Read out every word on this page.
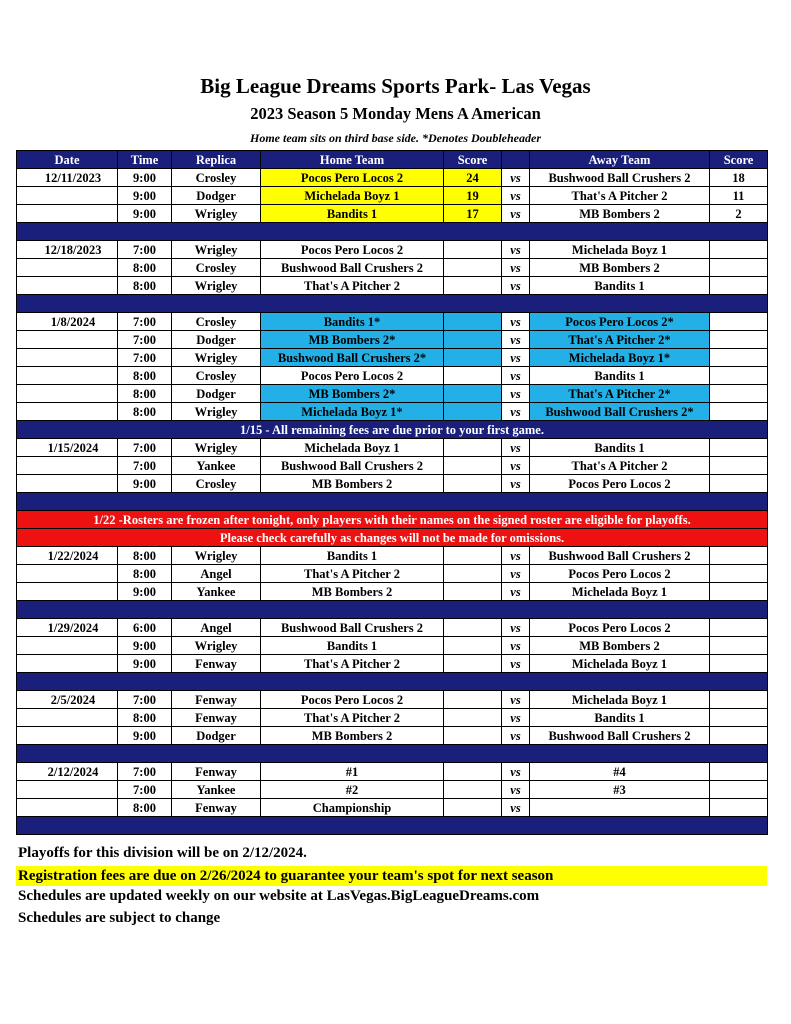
Big League Dreams Sports Park- Las Vegas
2023 Season 5 Monday Mens A American
Home team sits on third base side. *Denotes Doubleheader
Date	Time	Replica	Home Team	Score		Away Team	Score
12/11/2023	9:00	Crosley	Pocos Pero Locos 2	24	vs	Bushwood Ball Crushers 2	18
	9:00	Dodger	Michelada Boyz 1	19	vs	That's A Pitcher 2	11
	9:00	Wrigley	Bandits 1	17	vs	MB Bombers 2	2

12/18/2023	7:00	Wrigley	Pocos Pero Locos 2		vs	Michelada Boyz 1	
	8:00	Crosley	Bushwood Ball Crushers 2		vs	MB Bombers 2	
	8:00	Wrigley	That's A Pitcher 2		vs	Bandits 1	

1/8/2024	7:00	Crosley	Bandits 1*		vs	Pocos Pero Locos 2*	
	7:00	Dodger	MB Bombers 2*		vs	That's A Pitcher 2*	
	7:00	Wrigley	Bushwood Ball Crushers 2*		vs	Michelada Boyz 1*	
	8:00	Crosley	Pocos Pero Locos 2		vs	Bandits 1	
	8:00	Dodger	MB Bombers 2*		vs	That's A Pitcher 2*	
	8:00	Wrigley	Michelada Boyz 1*		vs	Bushwood Ball Crushers 2*	
1/15 - All remaining fees are due prior to your first game.							
1/15/2024	7:00	Wrigley	Michelada Boyz 1		vs	Bandits 1	
	7:00	Yankee	Bushwood Ball Crushers 2		vs	That's A Pitcher 2	
	9:00	Crosley	MB Bombers 2		vs	Pocos Pero Locos 2	

1/22 -Rosters are frozen after tonight, only players with their names on the signed roster are eligible for playoffs.							
Please check carefully as changes will not be made for omissions.							
1/22/2024	8:00	Wrigley	Bandits 1		vs	Bushwood Ball Crushers 2	
	8:00	Angel	That's A Pitcher 2		vs	Pocos Pero Locos 2	
	9:00	Yankee	MB Bombers 2		vs	Michelada Boyz 1	

1/29/2024	6:00	Angel	Bushwood Ball Crushers 2		vs	Pocos Pero Locos 2	
	9:00	Wrigley	Bandits 1		vs	MB Bombers 2	
	9:00	Fenway	That's A Pitcher 2		vs	Michelada Boyz 1	

2/5/2024	7:00	Fenway	Pocos Pero Locos 2		vs	Michelada Boyz 1	
	8:00	Fenway	That's A Pitcher 2		vs	Bandits 1	
	9:00	Dodger	MB Bombers 2		vs	Bushwood Ball Crushers 2	

2/12/2024	7:00	Fenway	#1		vs	#4	
	7:00	Yankee	#2		vs	#3	
	8:00	Fenway	Championship		vs		

Playoffs for this division will be on 2/12/2024.
Registration fees are due on 2/26/2024 to guarantee your team's spot for next season
Schedules are updated weekly on our website at LasVegas.BigLeagueDreams.com
Schedules are subject to change
